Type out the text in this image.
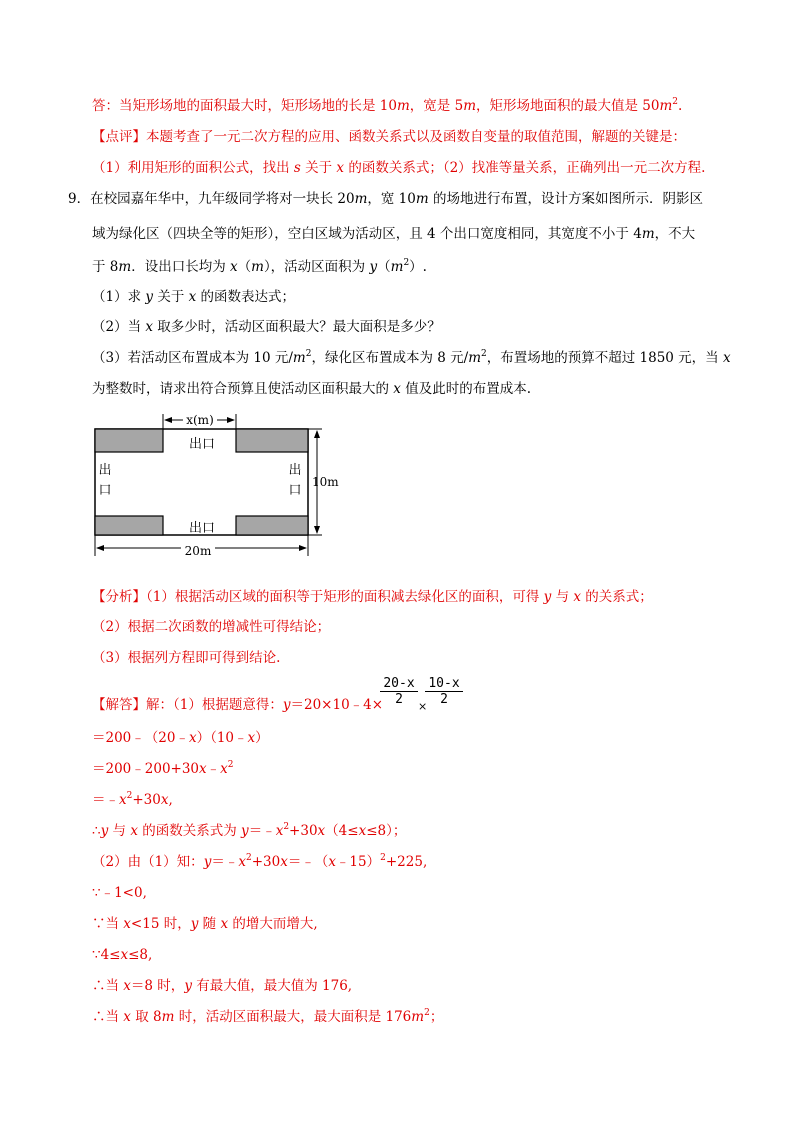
答：当矩形场地的面积最大时，矩形场地的长是 10m，宽是 5m，矩形场地面积的最大值是 $50m^2$.
【点评】本题考查了一元二次方程的应用、函数关系式以及函数自变量的取值范围，解题的关键是：
（1）利用矩形的面积公式，找出 s 关于 x 的函数关系式；（2）找准等量关系，正确列出一元二次方程.
9．在校园嘉年华中，九年级同学将对一块长 20m，宽 10m 的场地进行布置，设计方案如图所示．阴影区
域为绿化区（四块全等的矩形），空白区域为活动区，且 4 个出口宽度相同，其宽度不小于 4m，不大
于 8m．设出口长均为 x（m），活动区面积为 $y(m^2)$.
（1）求 y 关于 x 的函数表达式；
（2）当 x 取多少时，活动区面积最大？最大面积是多少？
（3）若活动区布置成本为 10 元$/m^2$，绿化区布置成本为 8 元$/m^2$，布置场地的预算不超过 1850 元，当 x
为整数时，请求出符合预算且使活动区面积最大的 x 值及此时的布置成本.
x(m)
出口
出口
出
口
出
口
10m
20m
【分析】（1）根据活动区域的面积等于矩形的面积减去绿化区的面积，可得 y 与 x 的关系式；
（2）根据二次函数的增减性可得结论；
（3）根据列方程即可得到结论.
【解答】解：（1）根据题意得：y＝20×10﹣4×
$\frac{20-x}{2}$ ×
$\frac{10-x}{2}$
＝200﹣（20﹣x）（10﹣x）
$=200﹣200+30x﹣x^2$
$=﹣x^2+30x$,
∴y 与 x 的函数关系式为 $y=﹣x^2+30x(4\le x\le 8)$；
（2）由（1）知：$y=﹣x^2+30x=﹣(x﹣15)^2+225$,
∵﹣1<0,
∵当 x<15 时，y 随 x 的增大而增大,
∵4≤x≤8,
∴当 x＝8 时，y 有最大值，最大值为 176,
∴当 x 取 8m 时，活动区面积最大，最大面积是 $176m^2$；
